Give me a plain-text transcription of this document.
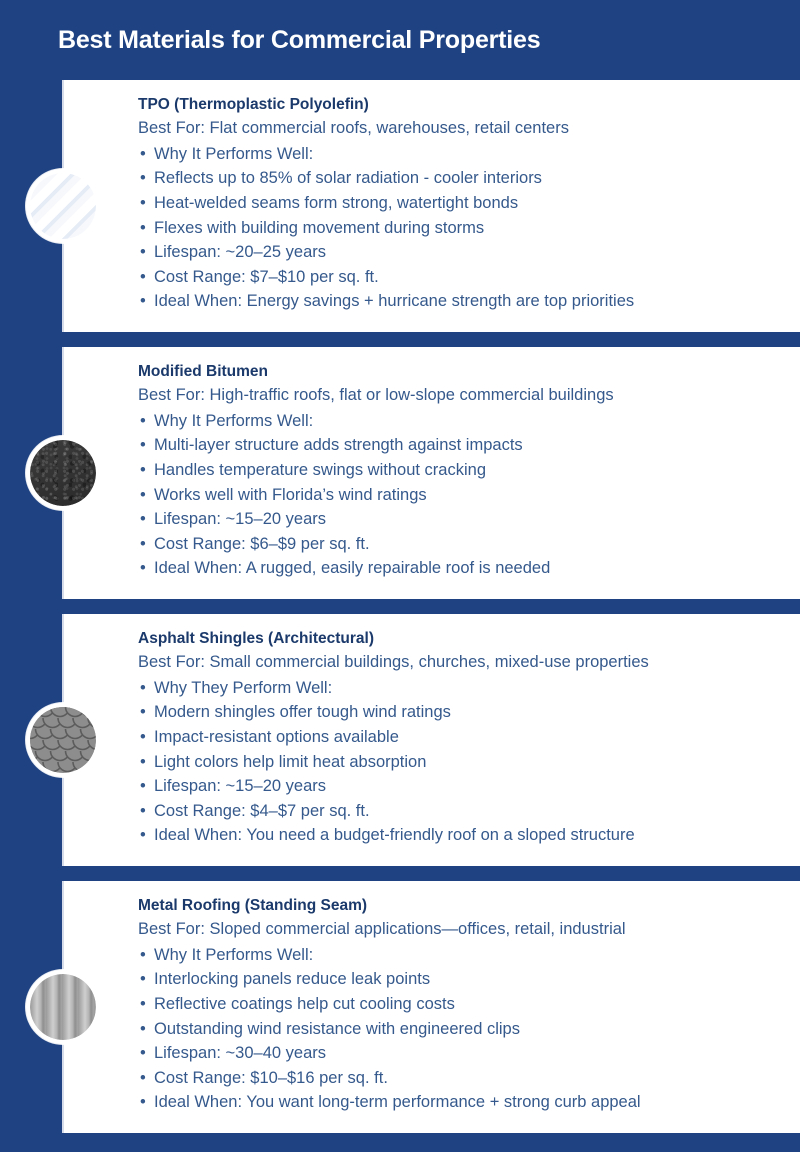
Best Materials for Commercial Properties
TPO (Thermoplastic Polyolefin)
Best For: Flat commercial roofs, warehouses, retail centers
• Why It Performs Well:
• Reflects up to 85% of solar radiation - cooler interiors
• Heat-welded seams form strong, watertight bonds
• Flexes with building movement during storms
• Lifespan: ~20–25 years
• Cost Range: $7–$10 per sq. ft.
• Ideal When: Energy savings + hurricane strength are top priorities
Modified Bitumen
Best For: High-traffic roofs, flat or low-slope commercial buildings
• Why It Performs Well:
• Multi-layer structure adds strength against impacts
• Handles temperature swings without cracking
• Works well with Florida’s wind ratings
• Lifespan: ~15–20 years
• Cost Range: $6–$9 per sq. ft.
• Ideal When: A rugged, easily repairable roof is needed
Asphalt Shingles (Architectural)
Best For: Small commercial buildings, churches, mixed-use properties
• Why They Perform Well:
• Modern shingles offer tough wind ratings
• Impact-resistant options available
• Light colors help limit heat absorption
• Lifespan: ~15–20 years
• Cost Range: $4–$7 per sq. ft.
• Ideal When: You need a budget-friendly roof on a sloped structure
Metal Roofing (Standing Seam)
Best For: Sloped commercial applications—offices, retail, industrial
• Why It Performs Well:
• Interlocking panels reduce leak points
• Reflective coatings help cut cooling costs
• Outstanding wind resistance with engineered clips
• Lifespan: ~30–40 years
• Cost Range: $10–$16 per sq. ft.
• Ideal When: You want long-term performance + strong curb appeal
